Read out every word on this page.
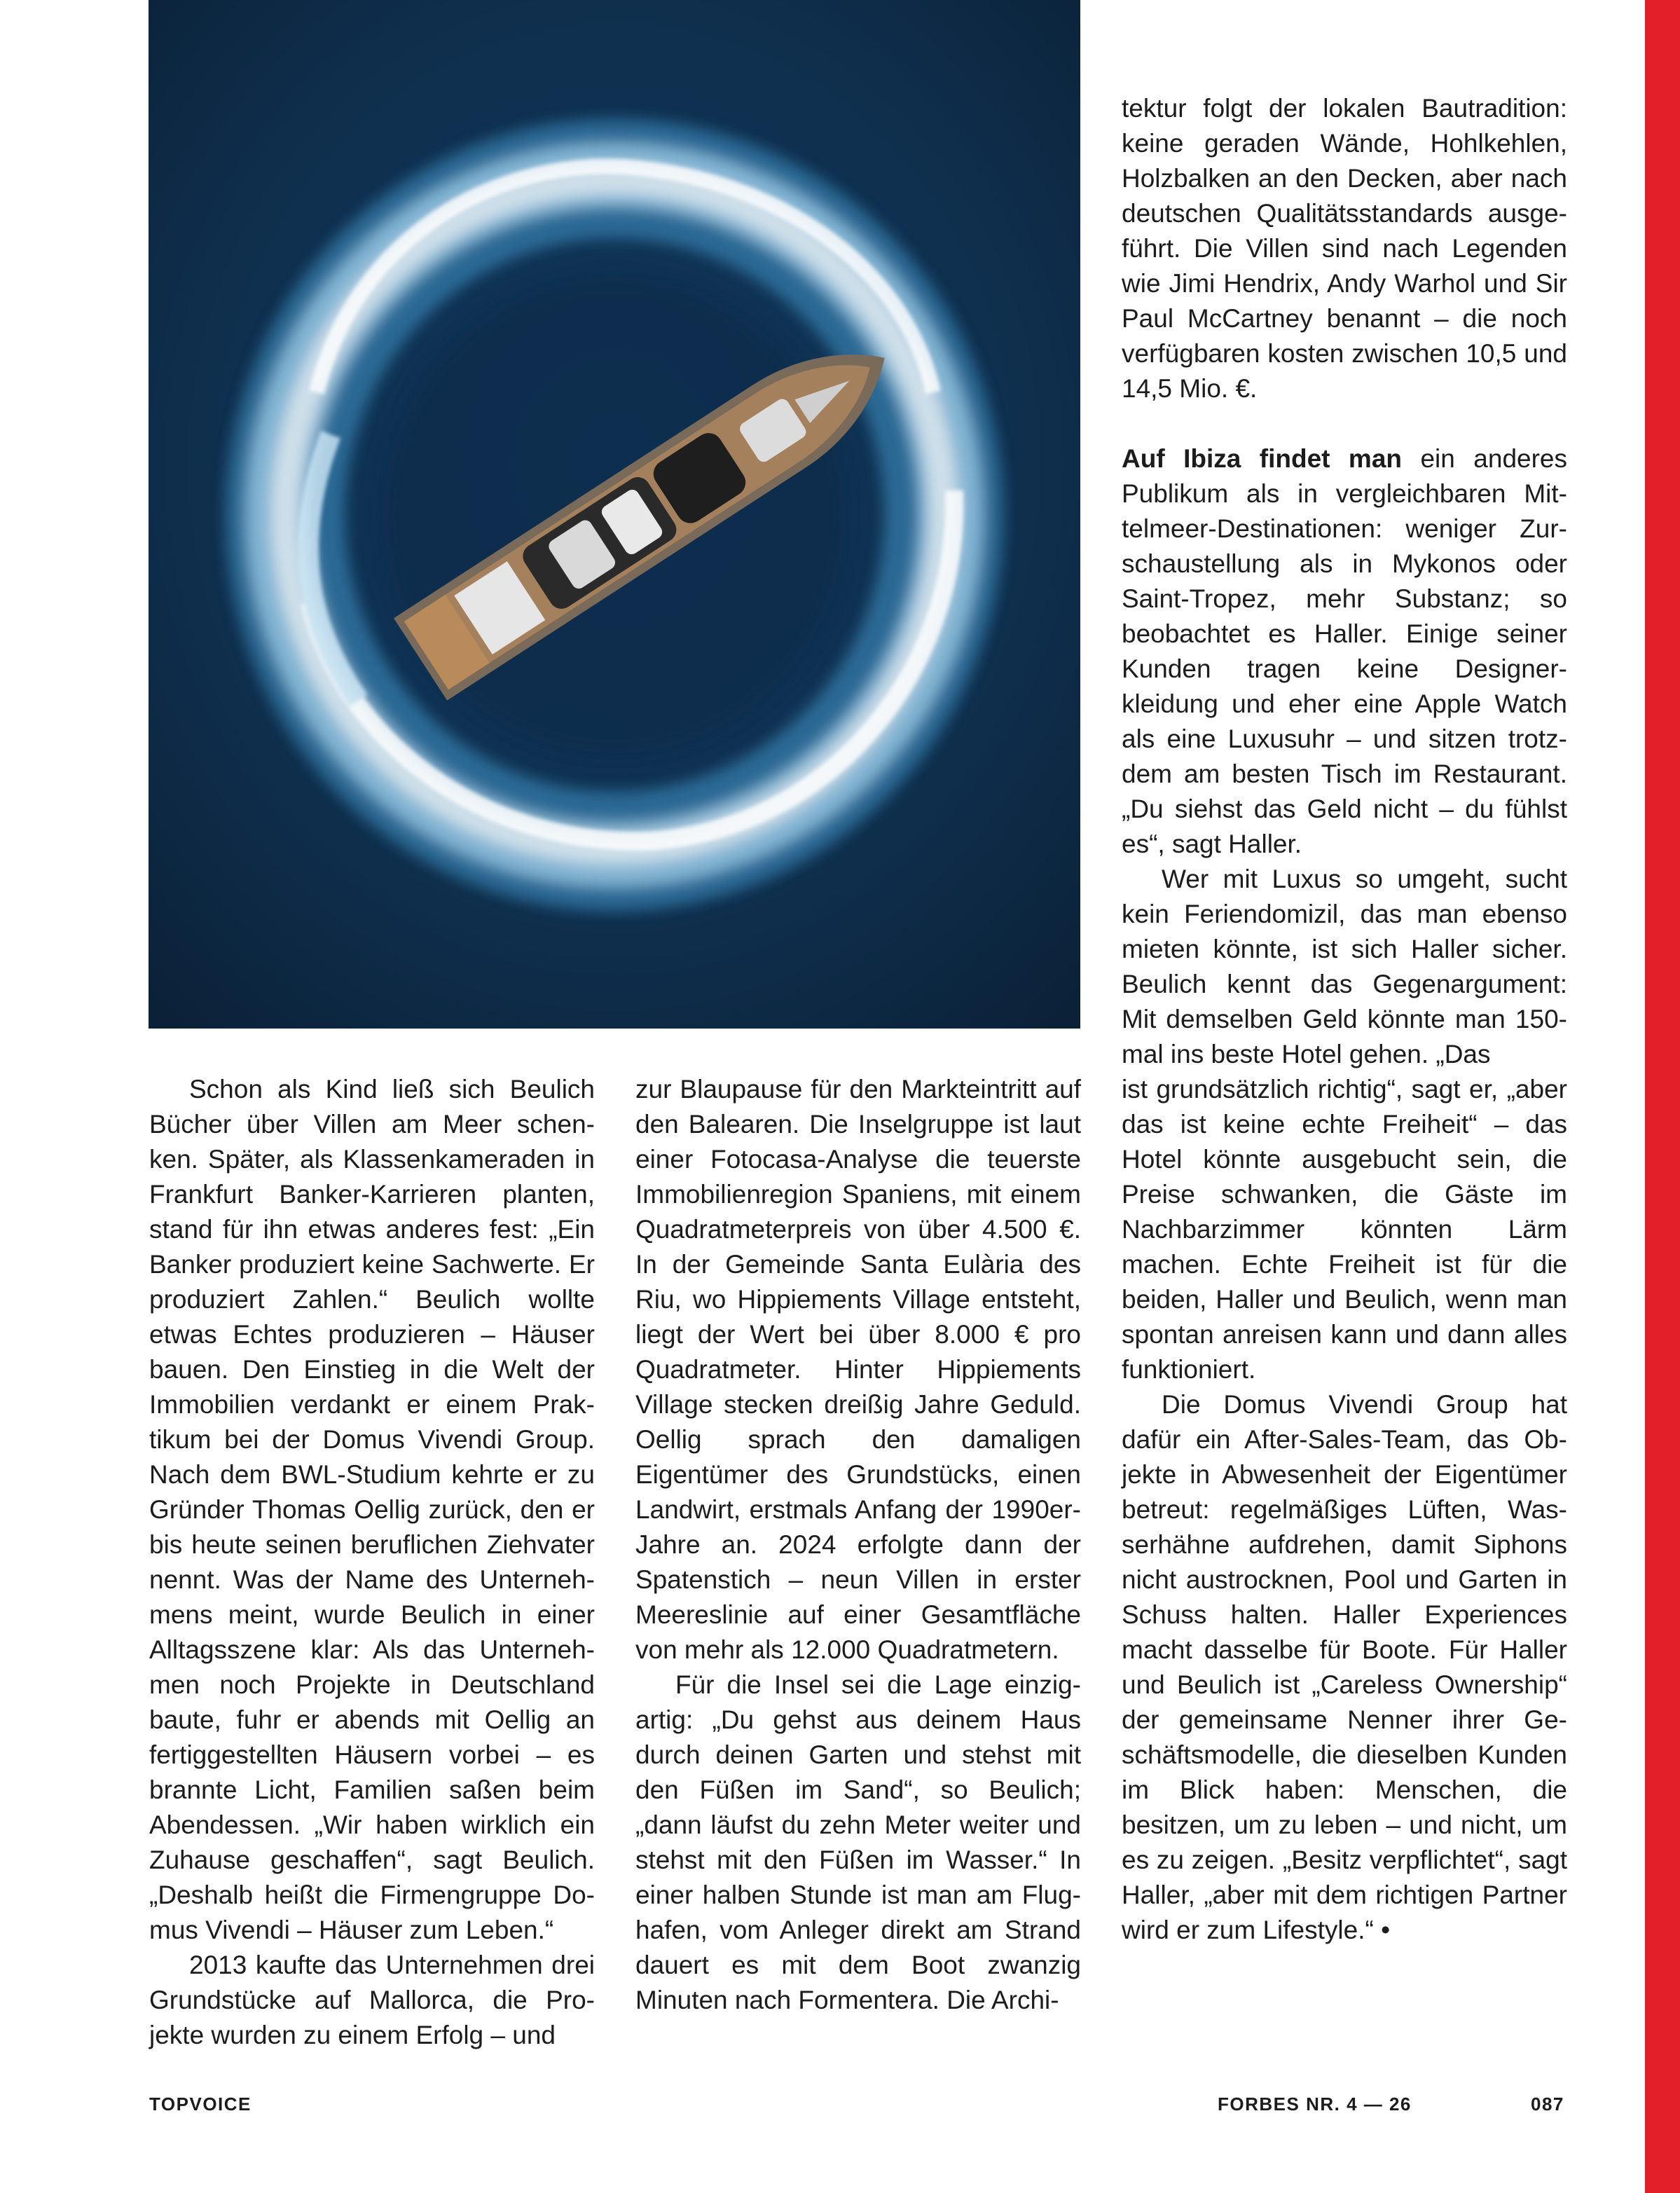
Schon als Kind ließ sich Beulich Bücher über Villen am Meer schenken. Später, als Klassenkameraden in Frankfurt Banker-Karrieren planten, stand für ihn etwas anderes fest: „Ein Banker produziert keine Sachwerte. Er produziert Zahlen.“ Beulich wollte etwas Echtes produzieren – Häuser bauen. Den Einstieg in die Welt der Immobilien verdankt er einem Praktikum bei der Domus Vivendi Group. Nach dem BWL-Studium kehrte er zu Gründer Thomas Oellig zurück, den er bis heute seinen beruflichen Ziehvater nennt. Was der Name des Unternehmens meint, wurde Beulich in einer Alltagsszene klar: Als das Unternehmen noch Projekte in Deutschland baute, fuhr er abends mit Oellig an fertiggestellten Häusern vorbei – es brannte Licht, Familien saßen beim Abendessen. „Wir haben wirklich ein Zuhause geschaffen“, sagt Beulich. „Deshalb heißt die Firmengruppe Domus Vivendi – Häuser zum Leben.“

2013 kaufte das Unternehmen drei Grundstücke auf Mallorca, die Projekte wurden zu einem Erfolg – und

zur Blaupause für den Markteintritt auf den Balearen. Die Inselgruppe ist laut einer Fotocasa-Analyse die teuerste Immobilienregion Spaniens, mit einem Quadratmeterpreis von über 4.500 €. In der Gemeinde Santa Eulària des Riu, wo Hippiements Village entsteht, liegt der Wert bei über 8.000 € pro Quadratmeter. Hinter Hippiements Village stecken dreißig Jahre Geduld. Oellig sprach den damaligen Eigentümer des Grundstücks, einen Landwirt, erstmals Anfang der 1990er-Jahre an. 2024 erfolgte dann der Spatenstich – neun Villen in erster Meereslinie auf einer Gesamtfläche von mehr als 12.000 Quadratmetern.

Für die Insel sei die Lage einzigartig: „Du gehst aus deinem Haus durch deinen Garten und stehst mit den Füßen im Sand“, so Beulich; „dann läufst du zehn Meter weiter und stehst mit den Füßen im Wasser.“ In einer halben Stunde ist man am Flughafen, vom Anleger direkt am Strand dauert es mit dem Boot zwanzig Minuten nach Formentera. Die Archi-

tektur folgt der lokalen Bautradition: keine geraden Wände, Hohlkehlen, Holzbalken an den Decken, aber nach deutschen Qualitätsstandards ausgeführt. Die Villen sind nach Legenden wie Jimi Hendrix, Andy Warhol und Sir Paul McCartney benannt – die noch verfügbaren kosten zwischen 10,5 und 14,5 Mio. €.

Auf Ibiza findet man ein anderes Publikum als in vergleichbaren Mittelmeer-Destinationen: weniger Zurschaustellung als in Mykonos oder Saint-Tropez, mehr Substanz; so beobachtet es Haller. Einige seiner Kunden tragen keine Designerkleidung und eher eine Apple Watch als eine Luxusuhr – und sitzen trotzdem am besten Tisch im Restaurant. „Du siehst das Geld nicht – du fühlst es“, sagt Haller.

Wer mit Luxus so umgeht, sucht kein Feriendomizil, das man ebenso mieten könnte, ist sich Haller sicher. Beulich kennt das Gegenargument: Mit demselben Geld könnte man 150-mal ins beste Hotel gehen. „Das

ist grundsätzlich richtig“, sagt er, „aber das ist keine echte Freiheit“ – das Hotel könnte ausgebucht sein, die Preise schwanken, die Gäste im Nachbarzimmer könnten Lärm machen. Echte Freiheit ist für die beiden, Haller und Beulich, wenn man spontan anreisen kann und dann alles funktioniert.

Die Domus Vivendi Group hat dafür ein After-Sales-Team, das Objekte in Abwesenheit der Eigentümer betreut: regelmäßiges Lüften, Wasserhähne aufdrehen, damit Siphons nicht austrocknen, Pool und Garten in Schuss halten. Haller Experiences macht dasselbe für Boote. Für Haller und Beulich ist „Careless Ownership“ der gemeinsame Nenner ihrer Geschäftsmodelle, die dieselben Kunden im Blick haben: Menschen, die besitzen, um zu leben – und nicht, um es zu zeigen. „Besitz verpflichtet“, sagt Haller, „aber mit dem richtigen Partner wird er zum Lifestyle.“ •

TOPVOICE	FORBES NR. 4 — 26	087
